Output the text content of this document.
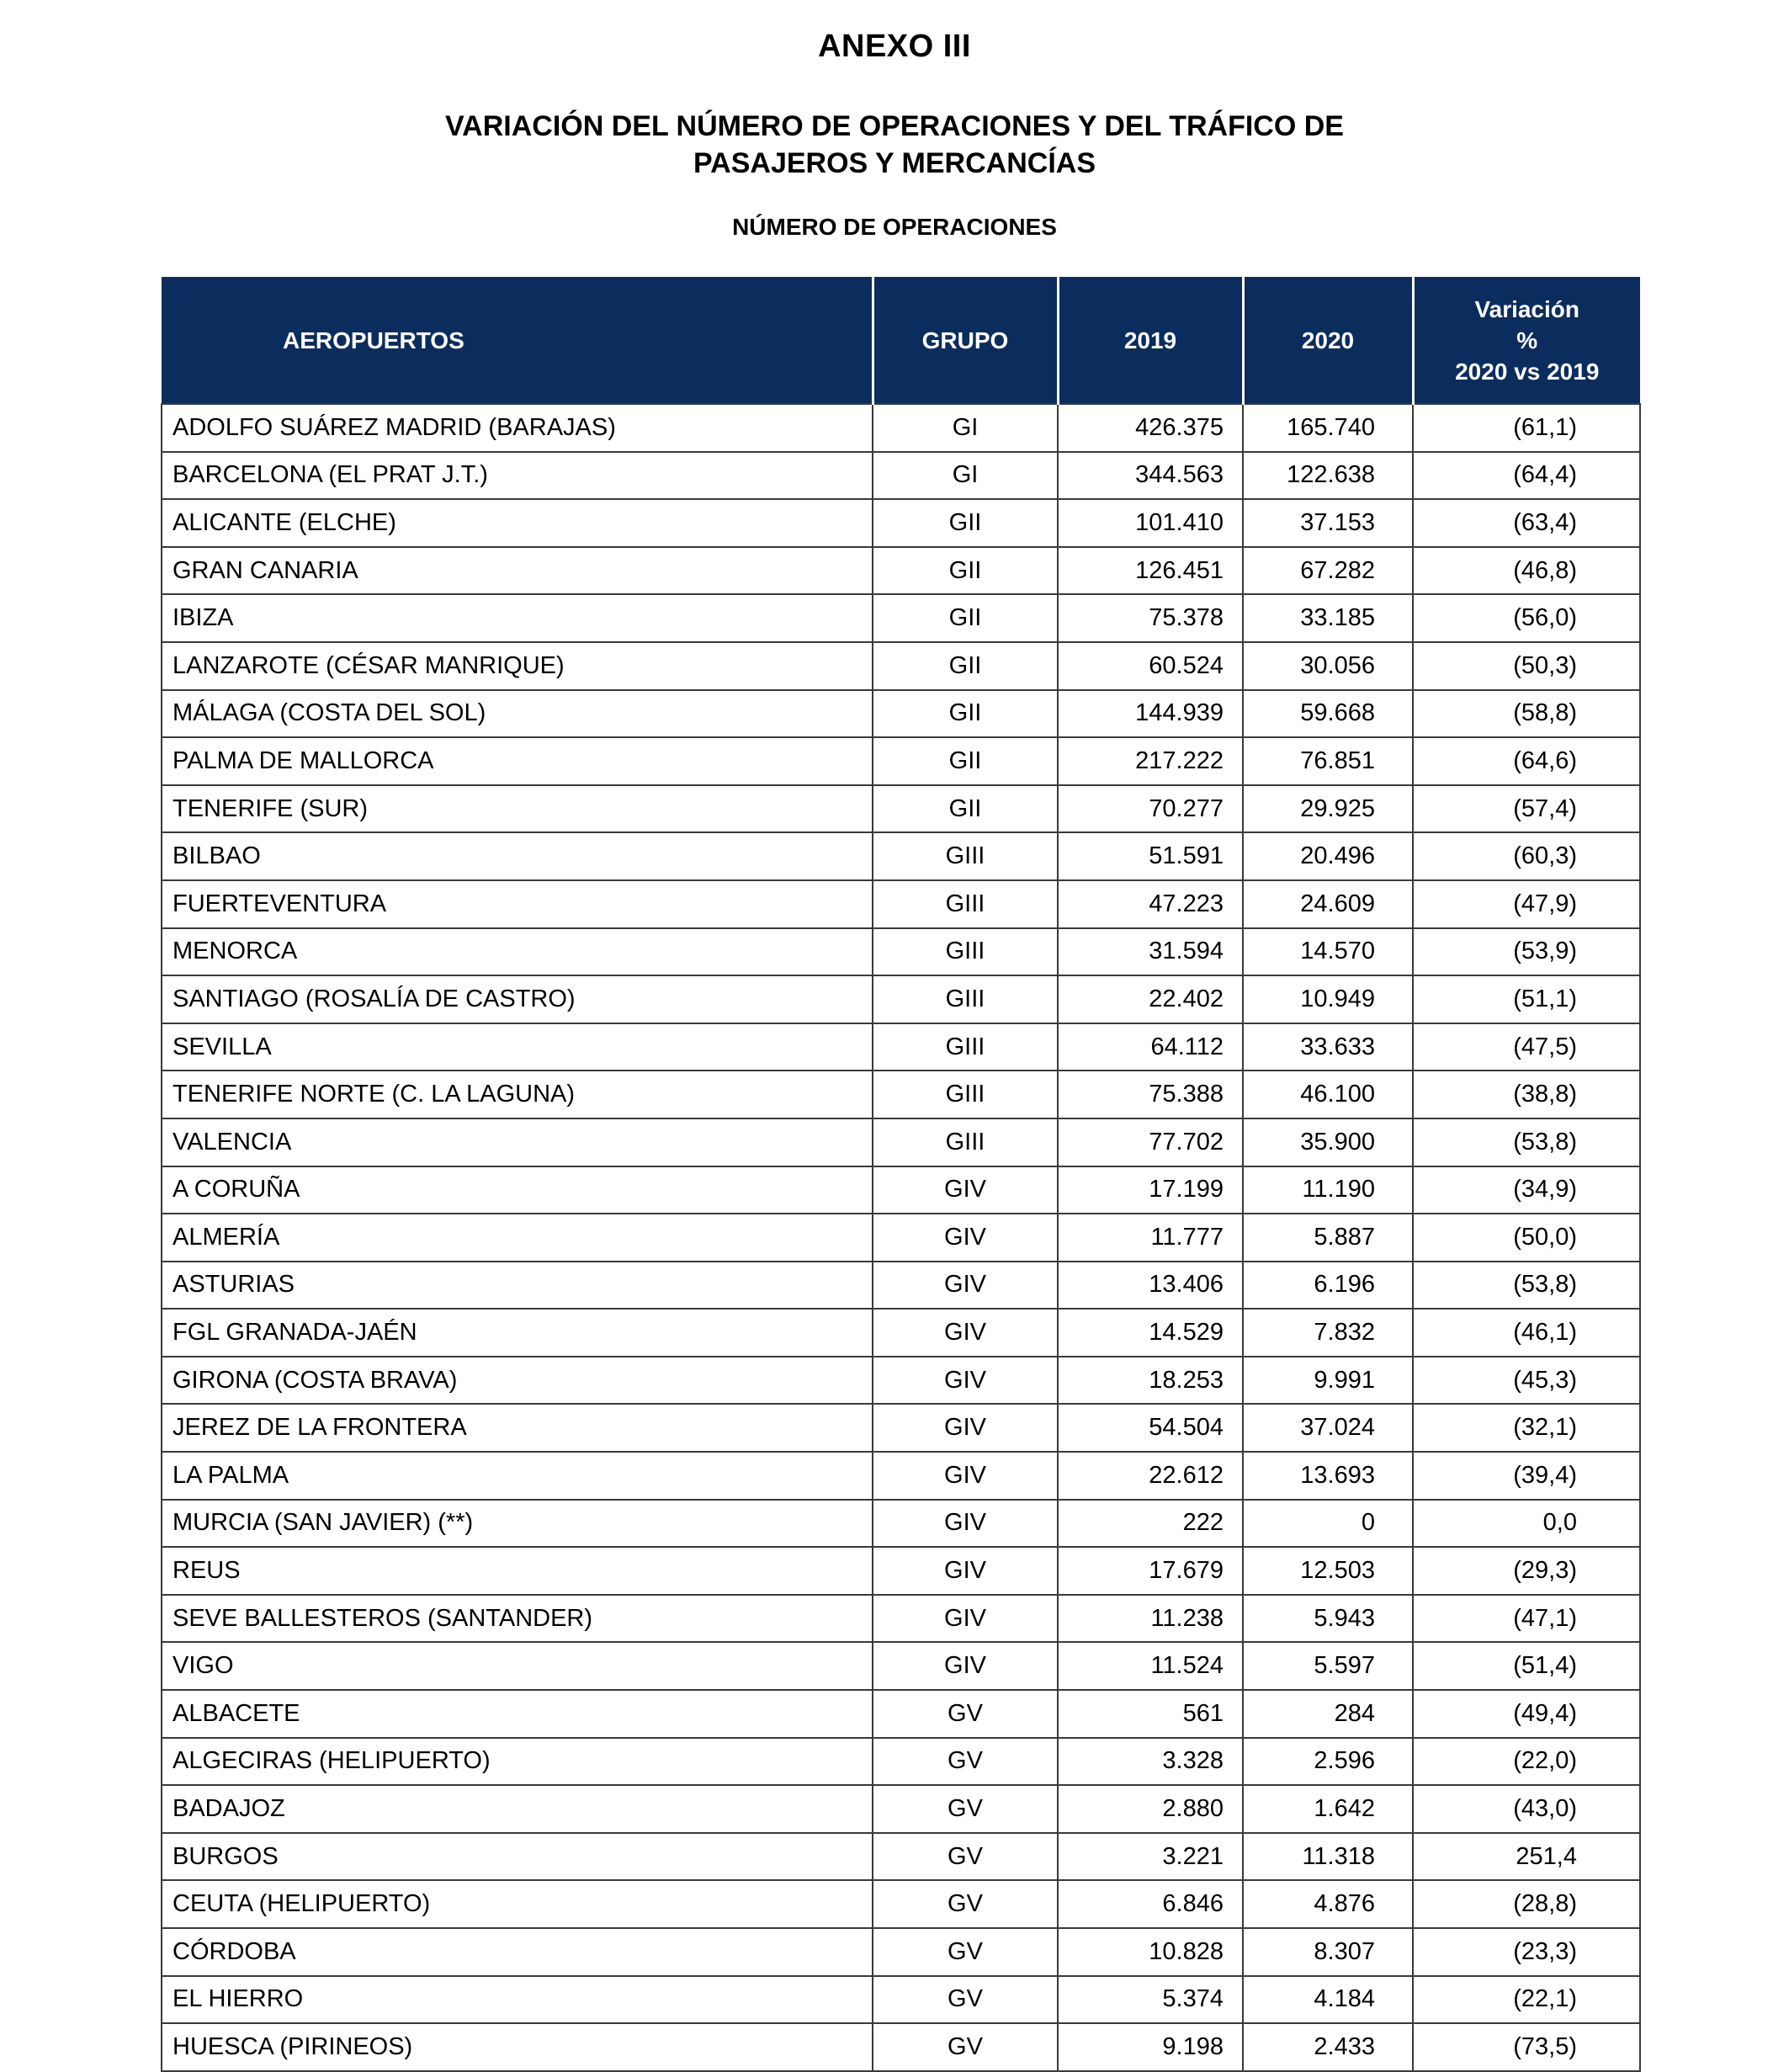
ANEXO III
VARIACIÓN DEL NÚMERO DE OPERACIONES Y DEL TRÁFICO DE
PASAJEROS Y MERCANCÍAS
NÚMERO DE OPERACIONES
AEROPUERTOS	GRUPO	2019	2020	Variación
%
2020 vs 2019

ADOLFO SUÁREZ MADRID (BARAJAS)	GI	426.375	165.740	(61,1)
BARCELONA (EL PRAT J.T.)	GI	344.563	122.638	(64,4)
ALICANTE (ELCHE)	GII	101.410	37.153	(63,4)
GRAN CANARIA	GII	126.451	67.282	(46,8)
IBIZA	GII	75.378	33.185	(56,0)
LANZAROTE (CÉSAR MANRIQUE)	GII	60.524	30.056	(50,3)
MÁLAGA (COSTA DEL SOL)	GII	144.939	59.668	(58,8)
PALMA DE MALLORCA	GII	217.222	76.851	(64,6)
TENERIFE (SUR)	GII	70.277	29.925	(57,4)
BILBAO	GIII	51.591	20.496	(60,3)
FUERTEVENTURA	GIII	47.223	24.609	(47,9)
MENORCA	GIII	31.594	14.570	(53,9)
SANTIAGO (ROSALÍA DE CASTRO)	GIII	22.402	10.949	(51,1)
SEVILLA	GIII	64.112	33.633	(47,5)
TENERIFE NORTE (C. LA LAGUNA)	GIII	75.388	46.100	(38,8)
VALENCIA	GIII	77.702	35.900	(53,8)
A CORUÑA	GIV	17.199	11.190	(34,9)
ALMERÍA	GIV	11.777	5.887	(50,0)
ASTURIAS	GIV	13.406	6.196	(53,8)
FGL GRANADA-JAÉN	GIV	14.529	7.832	(46,1)
GIRONA (COSTA BRAVA)	GIV	18.253	9.991	(45,3)
JEREZ DE LA FRONTERA	GIV	54.504	37.024	(32,1)
LA PALMA	GIV	22.612	13.693	(39,4)
MURCIA (SAN JAVIER) (**)	GIV	222	0	0,0
REUS	GIV	17.679	12.503	(29,3)
SEVE BALLESTEROS (SANTANDER)	GIV	11.238	5.943	(47,1)
VIGO	GIV	11.524	5.597	(51,4)
ALBACETE	GV	561	284	(49,4)
ALGECIRAS (HELIPUERTO)	GV	3.328	2.596	(22,0)
BADAJOZ	GV	2.880	1.642	(43,0)
BURGOS	GV	3.221	11.318	251,4
CEUTA (HELIPUERTO)	GV	6.846	4.876	(28,8)
CÓRDOBA	GV	10.828	8.307	(23,3)
EL HIERRO	GV	5.374	4.184	(22,1)
HUESCA (PIRINEOS)	GV	9.198	2.433	(73,5)
